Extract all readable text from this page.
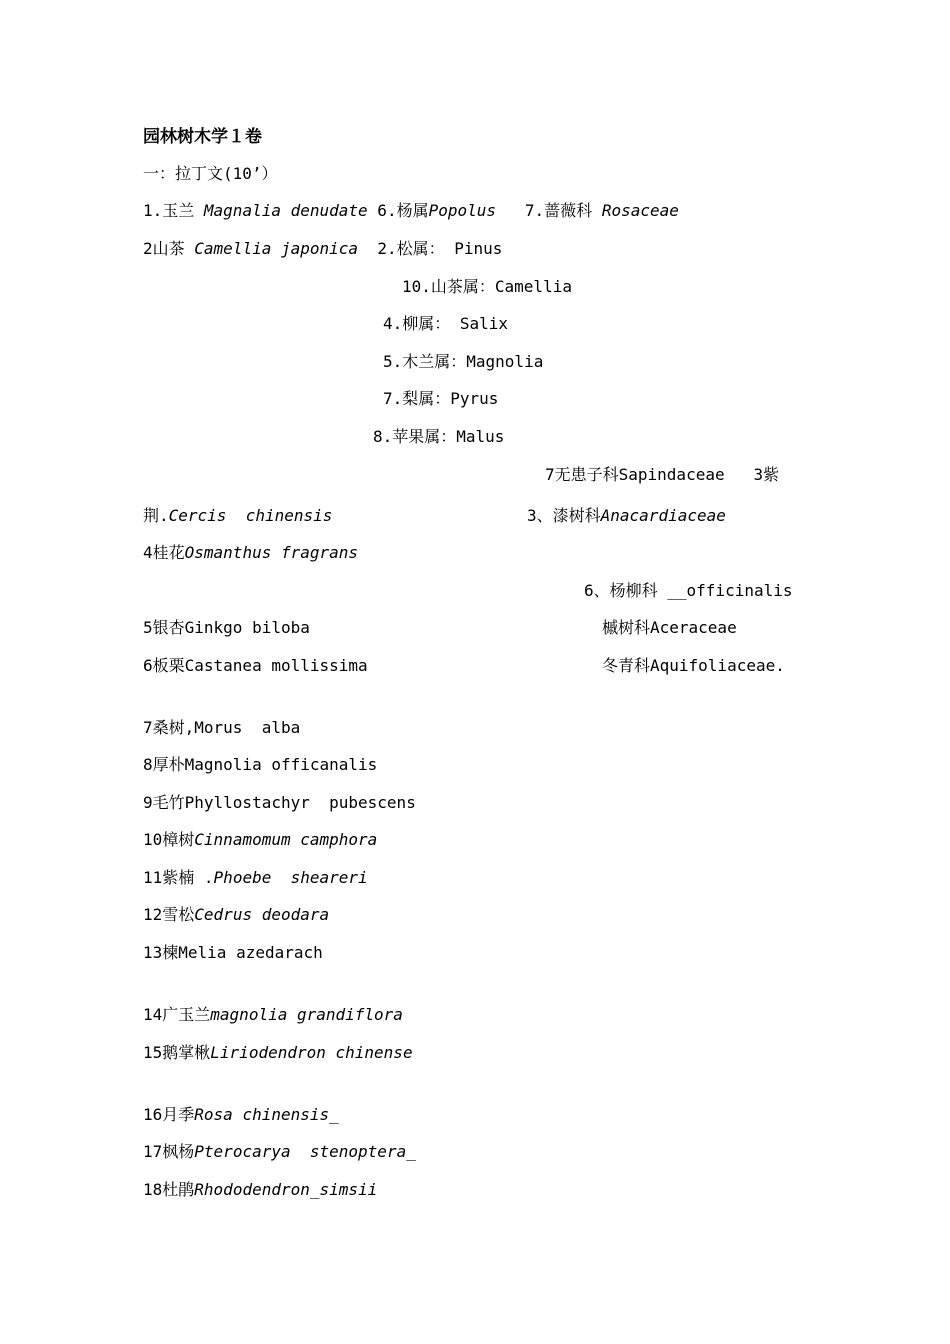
园林树木学１卷
一：拉丁文(10’）
1.玉兰 Magnalia denudate 6.杨属Popolus   7.蔷薇科 Rosaceae
2山茶 Camellia japonica  2.松属： Pinus
10.山茶属：Camellia
4.柳属： Salix
5.木兰属：Magnolia
7.梨属：Pyrus
8.苹果属：Malus
7无患子科Sapindaceae   3紫
荆.Cercis  chinensis	3、漆树科Anacardiaceae
4桂花Osmanthus fragrans
6、杨柳科 __officinalis
5银杏Ginkgo biloba	槭树科Aceraceae
6板栗Castanea mollissima	冬青科Aquifoliaceae.
7桑树,Morus  alba
8厚朴Magnolia officanalis
9毛竹Phyllostachyr  pubescens
10樟树Cinnamomum camphora
11紫楠 .Phoebe  sheareri
12雪松Cedrus deodara
13楝Melia azedarach
14广玉兰magnolia grandiflora
15鹅掌楸Liriodendron chinense
16月季Rosa chinensis_
17枫杨Pterocarya  stenoptera_
18杜鹃Rhododendron_simsii
